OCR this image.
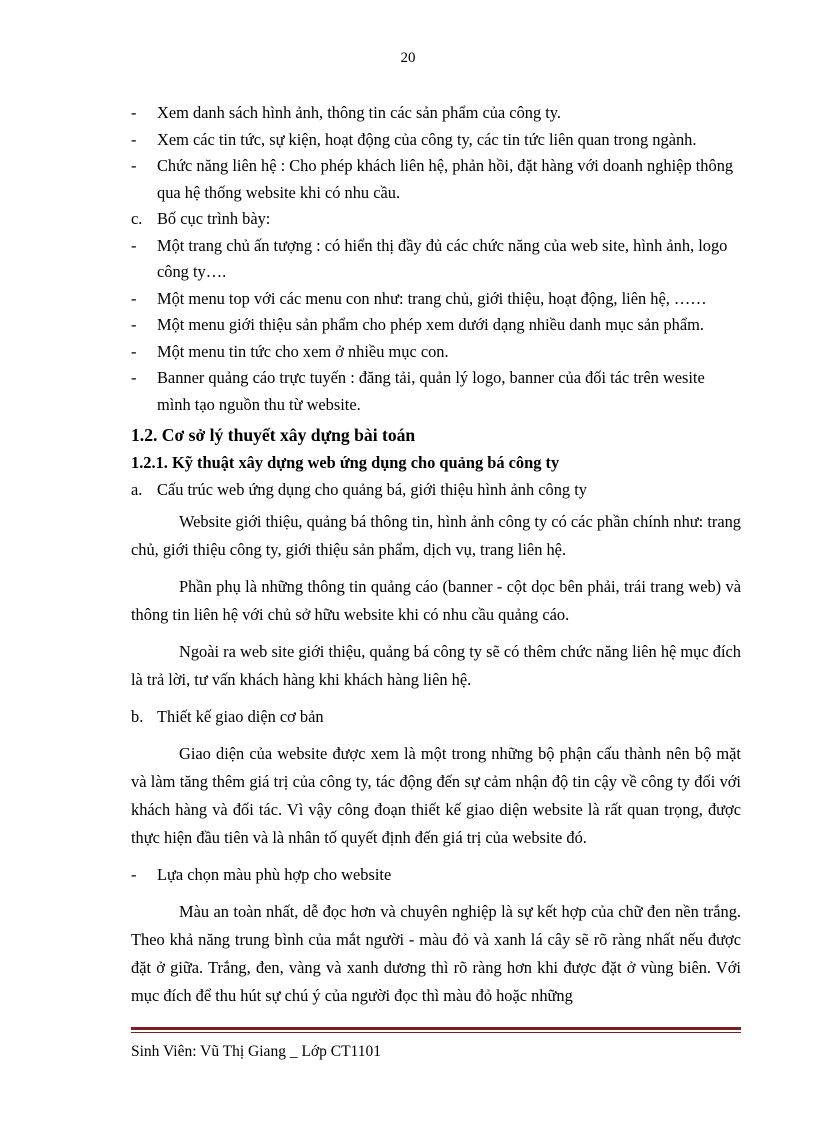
20

- Xem danh sách hình ảnh, thông tin các sản phẩm của công ty.

- Xem các tin tức, sự kiện, hoạt động của công ty, các tin tức liên quan trong ngành.

- Chức năng liên hệ : Cho phép khách liên hệ, phản hồi, đặt hàng với doanh nghiệp thông qua hệ thống website khi có nhu cầu.

c. Bố cục trình bày:

- Một trang chủ ấn tượng : có hiển thị đầy đủ các chức năng của web site, hình ảnh, logo công ty….

- Một menu top với các menu con như: trang chủ, giới thiệu, hoạt động, liên hệ, ……

- Một menu giới thiệu sản phẩm cho phép xem dưới dạng nhiều danh mục sản phẩm.

- Một menu tin tức cho xem ở nhiều mục con.

- Banner quảng cáo trực tuyến : đăng tải, quản lý logo, banner của đối tác trên wesite mình tạo nguồn thu từ website.

1.2. Cơ sở lý thuyết xây dựng bài toán

1.2.1. Kỹ thuật xây dựng web ứng dụng cho quảng bá công ty

a. Cấu trúc web ứng dụng cho quảng bá, giới thiệu hình ảnh công ty

Website giới thiệu, quảng bá thông tin, hình ảnh công ty có các phần chính như: trang chủ, giới thiệu công ty, giới thiệu sản phẩm, dịch vụ, trang liên hệ.

Phần phụ là những thông tin quảng cáo (banner - cột dọc bên phải, trái trang web) và thông tin liên hệ với chủ sở hữu website khi có nhu cầu quảng cáo.

Ngoài ra web site giới thiệu, quảng bá công ty sẽ có thêm chức năng liên hệ mục đích là trả lời, tư vấn khách hàng khi khách hàng liên hệ.

b. Thiết kế giao diện cơ bản

Giao diện của website được xem là một trong những bộ phận cấu thành nên bộ mặt và làm tăng thêm giá trị của công ty, tác động đến sự cảm nhận độ tin cậy về công ty đối với khách hàng và đối tác. Vì vậy công đoạn thiết kế giao diện website là rất quan trọng, được thực hiện đầu tiên và là nhân tố quyết định đến giá trị của website đó.

- Lựa chọn màu phù hợp cho website

Màu an toàn nhất, dễ đọc hơn và chuyên nghiệp là sự kết hợp của chữ đen nền trắng. Theo khả năng trung bình của mắt người - màu đỏ và xanh lá cây sẽ rõ ràng nhất nếu được đặt ở giữa. Trắng, đen, vàng và xanh dương thì rõ ràng hơn khi được đặt ở vùng biên. Với mục đích để thu hút sự chú ý của người đọc thì màu đỏ hoặc những

Sinh Viên: Vũ Thị Giang _ Lớp CT1101
